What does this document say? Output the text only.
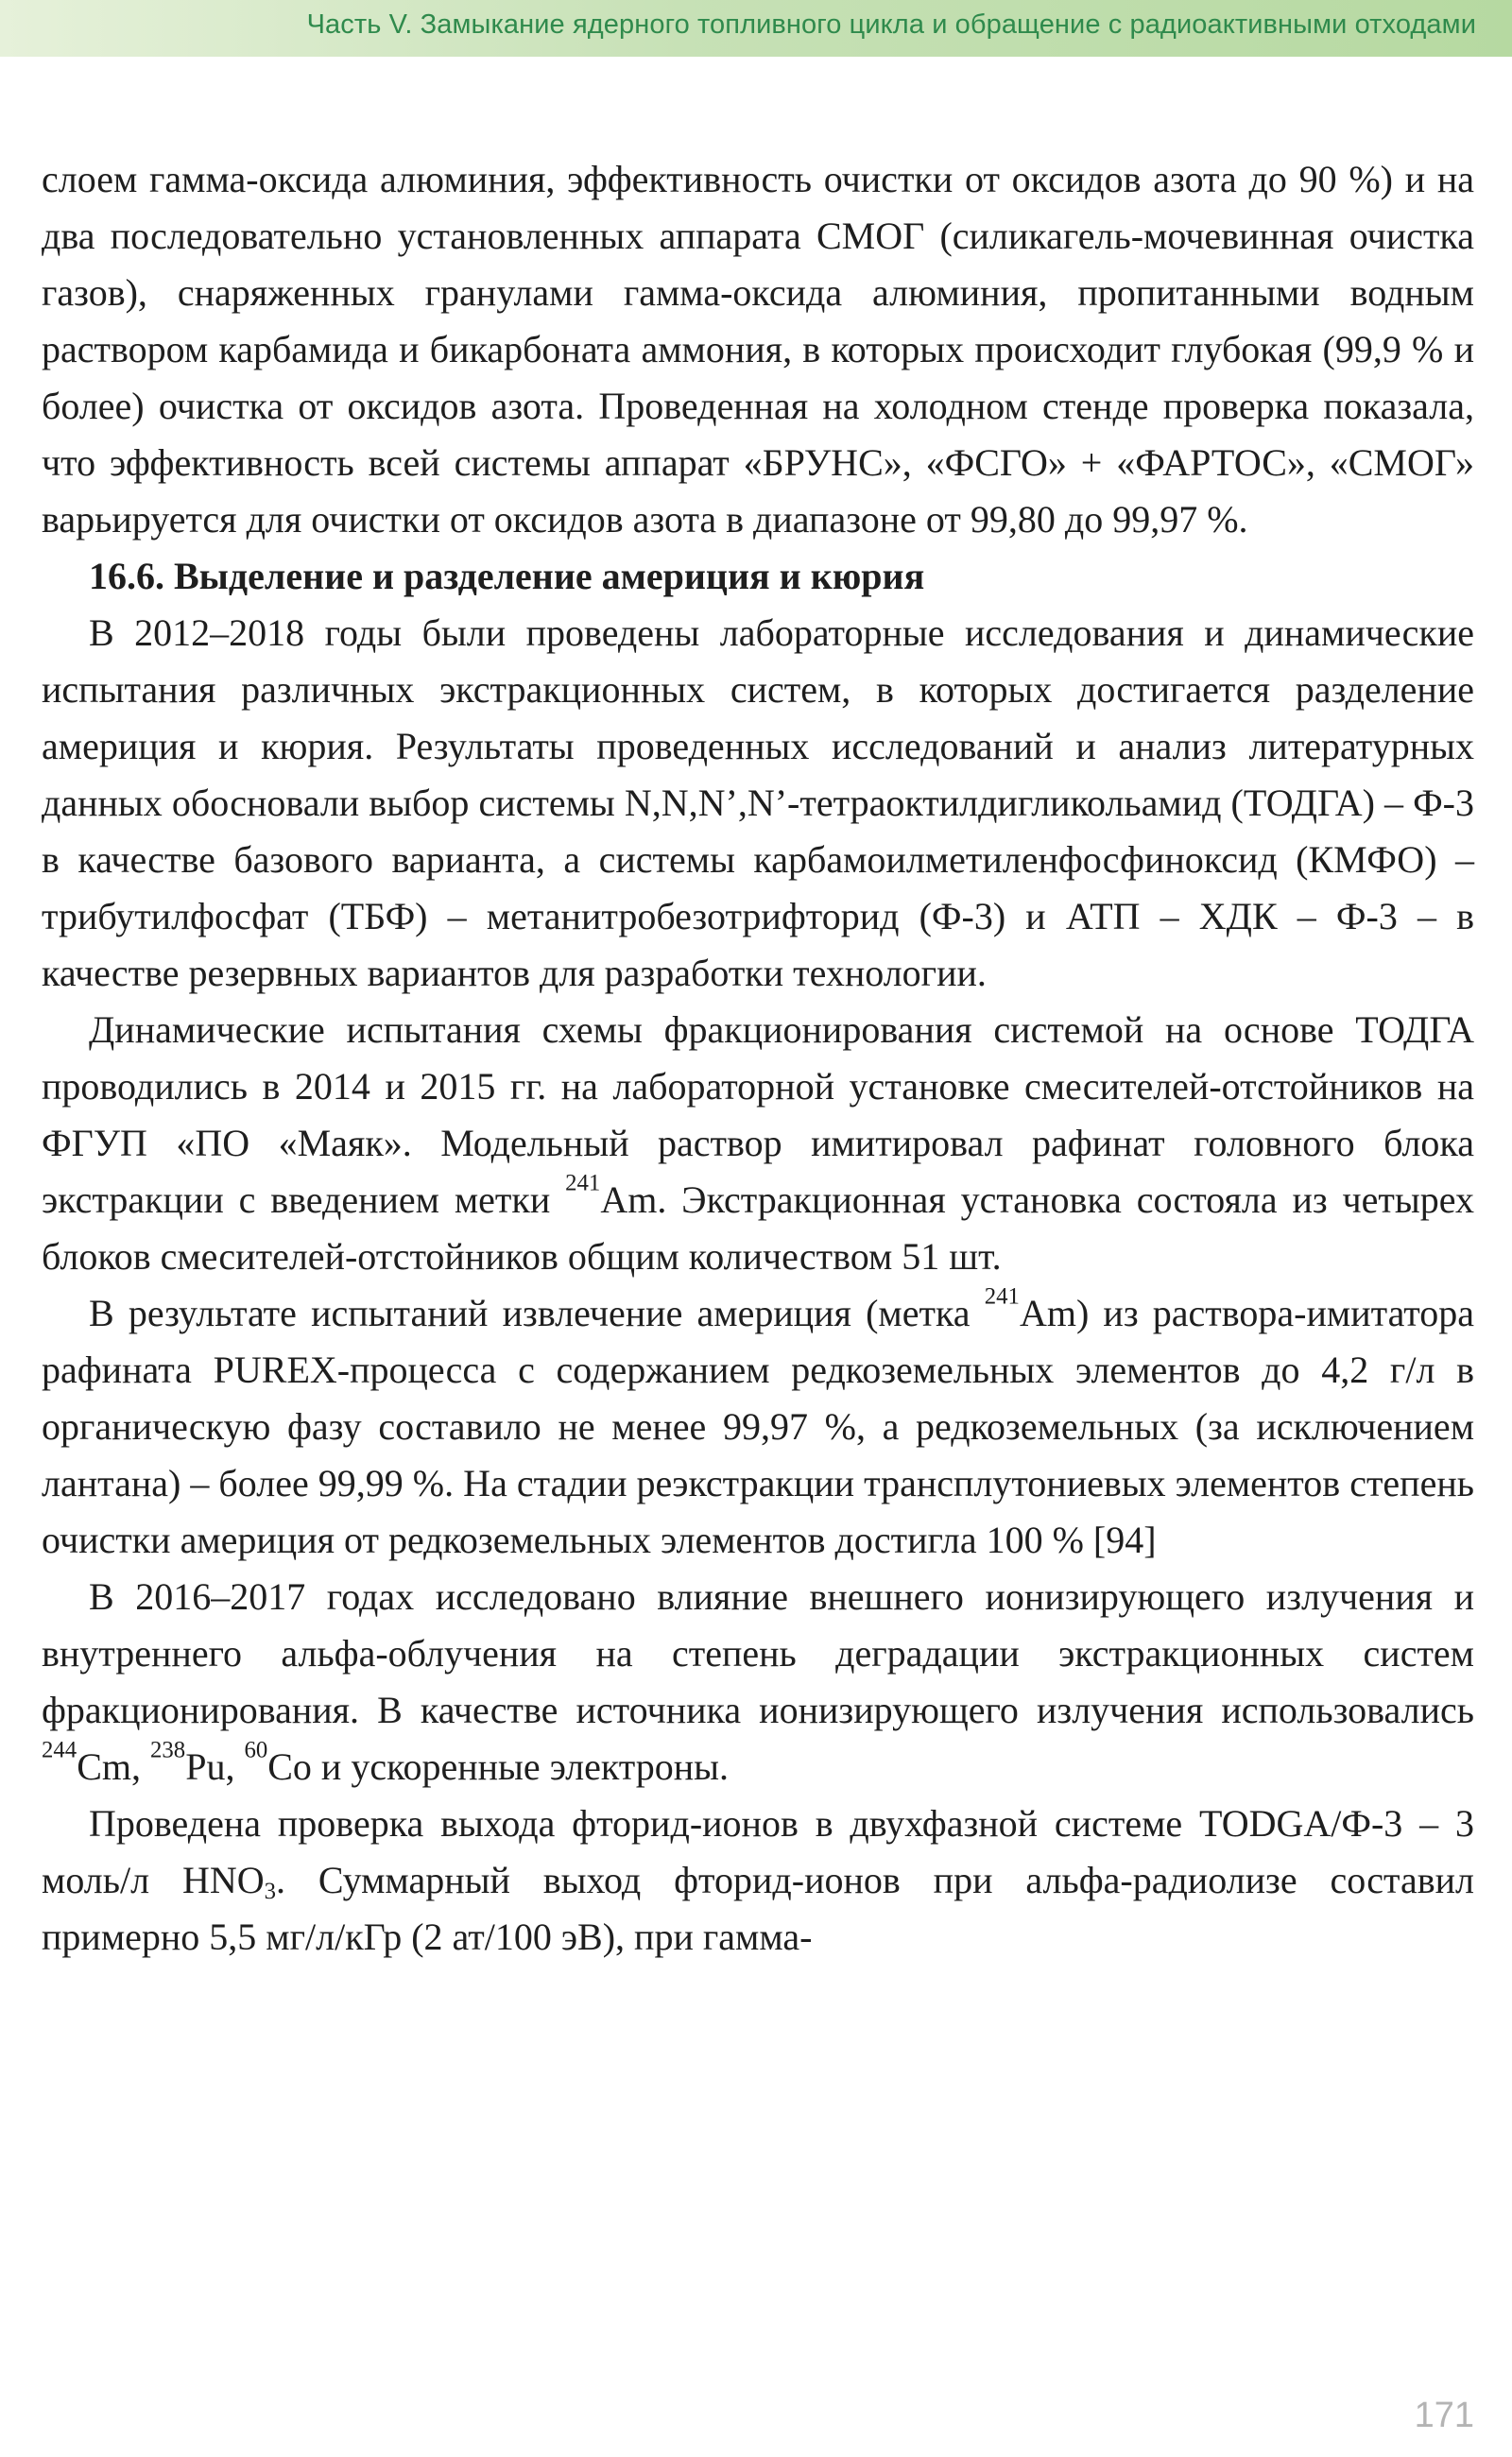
Часть V. Замыкание ядерного топливного цикла и обращение с радиоактивными отходами

слоем гамма-оксида алюминия, эффективность очистки от оксидов азота до 90 %) и на два последовательно установленных аппарата СМОГ (силикагель-мочевинная очистка газов), снаряженных гранулами гамма-оксида алюминия, пропитанными водным раствором карбамида и бикарбоната аммония, в которых происходит глубокая (99,9 % и более) очистка от оксидов азота. Проведенная на холодном стенде проверка показала, что эффективность всей системы аппарат «БРУНС», «ФСГО» + «ФАРТОС», «СМОГ» варьируется для очистки от оксидов азота в диапазоне от 99,80 до 99,97 %.

16.6. Выделение и разделение америция и кюрия

В 2012–2018 годы были проведены лабораторные исследования и динамические испытания различных экстракционных систем, в которых достигается разделение америция и кюрия. Результаты проведенных исследований и анализ литературных данных обосновали выбор системы N,N,N’,N’-тетраоктилдигликольамид (ТОДГА) – Ф-3 в качестве базового варианта, а системы карбамоилметиленфосфиноксид (КМФО) – трибутилфосфат (ТБФ) – метанитробезотрифторид (Ф-3) и АТП – ХДК – Ф-3 – в качестве резервных вариантов для разработки технологии.

Динамические испытания схемы фракционирования системой на основе ТОДГА проводились в 2014 и 2015 гг. на лабораторной установке смесителей-отстойников на ФГУП «ПО «Маяк». Модельный раствор имитировал рафинат головного блока экстракции с введением метки $^{241}$Am. Экстракционная установка состояла из четырех блоков смесителей-отстойников общим количеством 51 шт.

В результате испытаний извлечение америция (метка $^{241}$Am) из раствора-имитатора рафината PUREX-процесса с содержанием редкоземельных элементов до 4,2 г/л в органическую фазу составило не менее 99,97 %, а редкоземельных (за исключением лантана) – более 99,99 %. На стадии реэкстракции трансплутониевых элементов степень очистки америция от редкоземельных элементов достигла 100 % [94]

В 2016–2017 годах исследовано влияние внешнего ионизирующего излучения и внутреннего альфа-облучения на степень деградации экстракционных систем фракционирования. В качестве источника ионизирующего излучения использовались $^{244}$Cm, $^{238}$Pu, $^{60}$Co и ускоренные электроны.

Проведена проверка выхода фторид-ионов в двухфазной системе TODGA/Ф-3 – 3 моль/л $HNO_3$. Суммарный выход фторид-ионов при альфа-радиолизе составил примерно 5,5 мг/л/кГр (2 ат/100 эВ), при гамма-

171
